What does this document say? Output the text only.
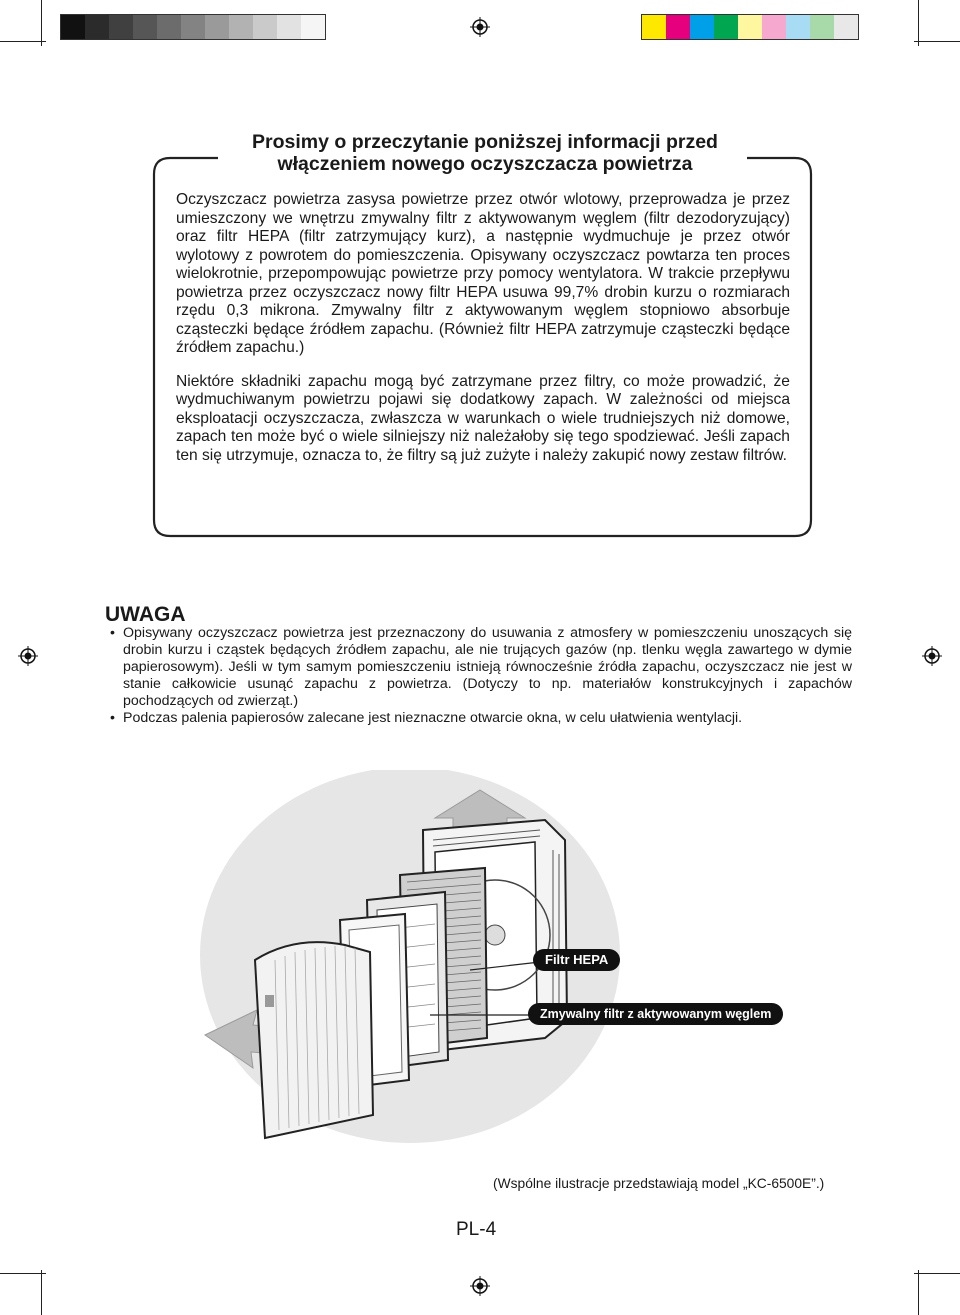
Prosimy o przeczytanie poniższej informacji przed
włączeniem nowego oczyszczacza powietrza

Oczyszczacz powietrza zasysa powietrze przez otwór wlotowy, przeprowadza je przez umieszczony we wnętrzu zmywalny filtr z aktywowanym węglem (filtr dezodoryzujący) oraz filtr HEPA (filtr zatrzymujący kurz), a następnie wydmuchuje je przez otwór wylotowy z powrotem do pomieszczenia. Opisywany oczyszczacz powtarza ten proces wielokrotnie, przepompowując powietrze przy pomocy wentylatora. W trakcie przepływu powietrza przez oczyszczacz nowy filtr HEPA usuwa 99,7% drobin kurzu o rozmiarach rzędu 0,3 mikrona. Zmywalny filtr z aktywowanym węglem stopniowo absorbuje cząsteczki będące źródłem zapachu. (Również filtr HEPA zatrzymuje cząsteczki będące źródłem zapachu.)

Niektóre składniki zapachu mogą być zatrzymane przez filtry, co może prowadzić, że wydmuchiwanym powietrzu pojawi się dodatkowy zapach. W zależności od miejsca eksploatacji oczyszczacza, zwłaszcza w warunkach o wiele trudniejszych niż domowe, zapach ten może być o wiele silniejszy niż należałoby się tego spodziewać. Jeśli zapach ten się utrzymuje, oznacza to, że filtry są już zużyte i należy zakupić nowy zestaw filtrów.

UWAGA
• Opisywany oczyszczacz powietrza jest przeznaczony do usuwania z atmosfery w pomieszczeniu unoszących się drobin kurzu i cząstek będących źródłem zapachu, ale nie trujących gazów (np. tlenku węgla zawartego w dymie papierosowym). Jeśli w tym samym pomieszczeniu istnieją równocześnie źródła zapachu, oczyszczacz nie jest w stanie całkowicie usunąć zapachu z powietrza. (Dotyczy to np. materiałów konstrukcyjnych i zapachów pochodzących od zwierząt.)
• Podczas palenia papierosów zalecane jest nieznaczne otwarcie okna, w celu ułatwienia wentylacji.
Filtr HEPA
Zmywalny filtr z aktywowanym węglem
(Wspólne ilustracje przedstawiają model „KC-6500E”.)
PL-4
